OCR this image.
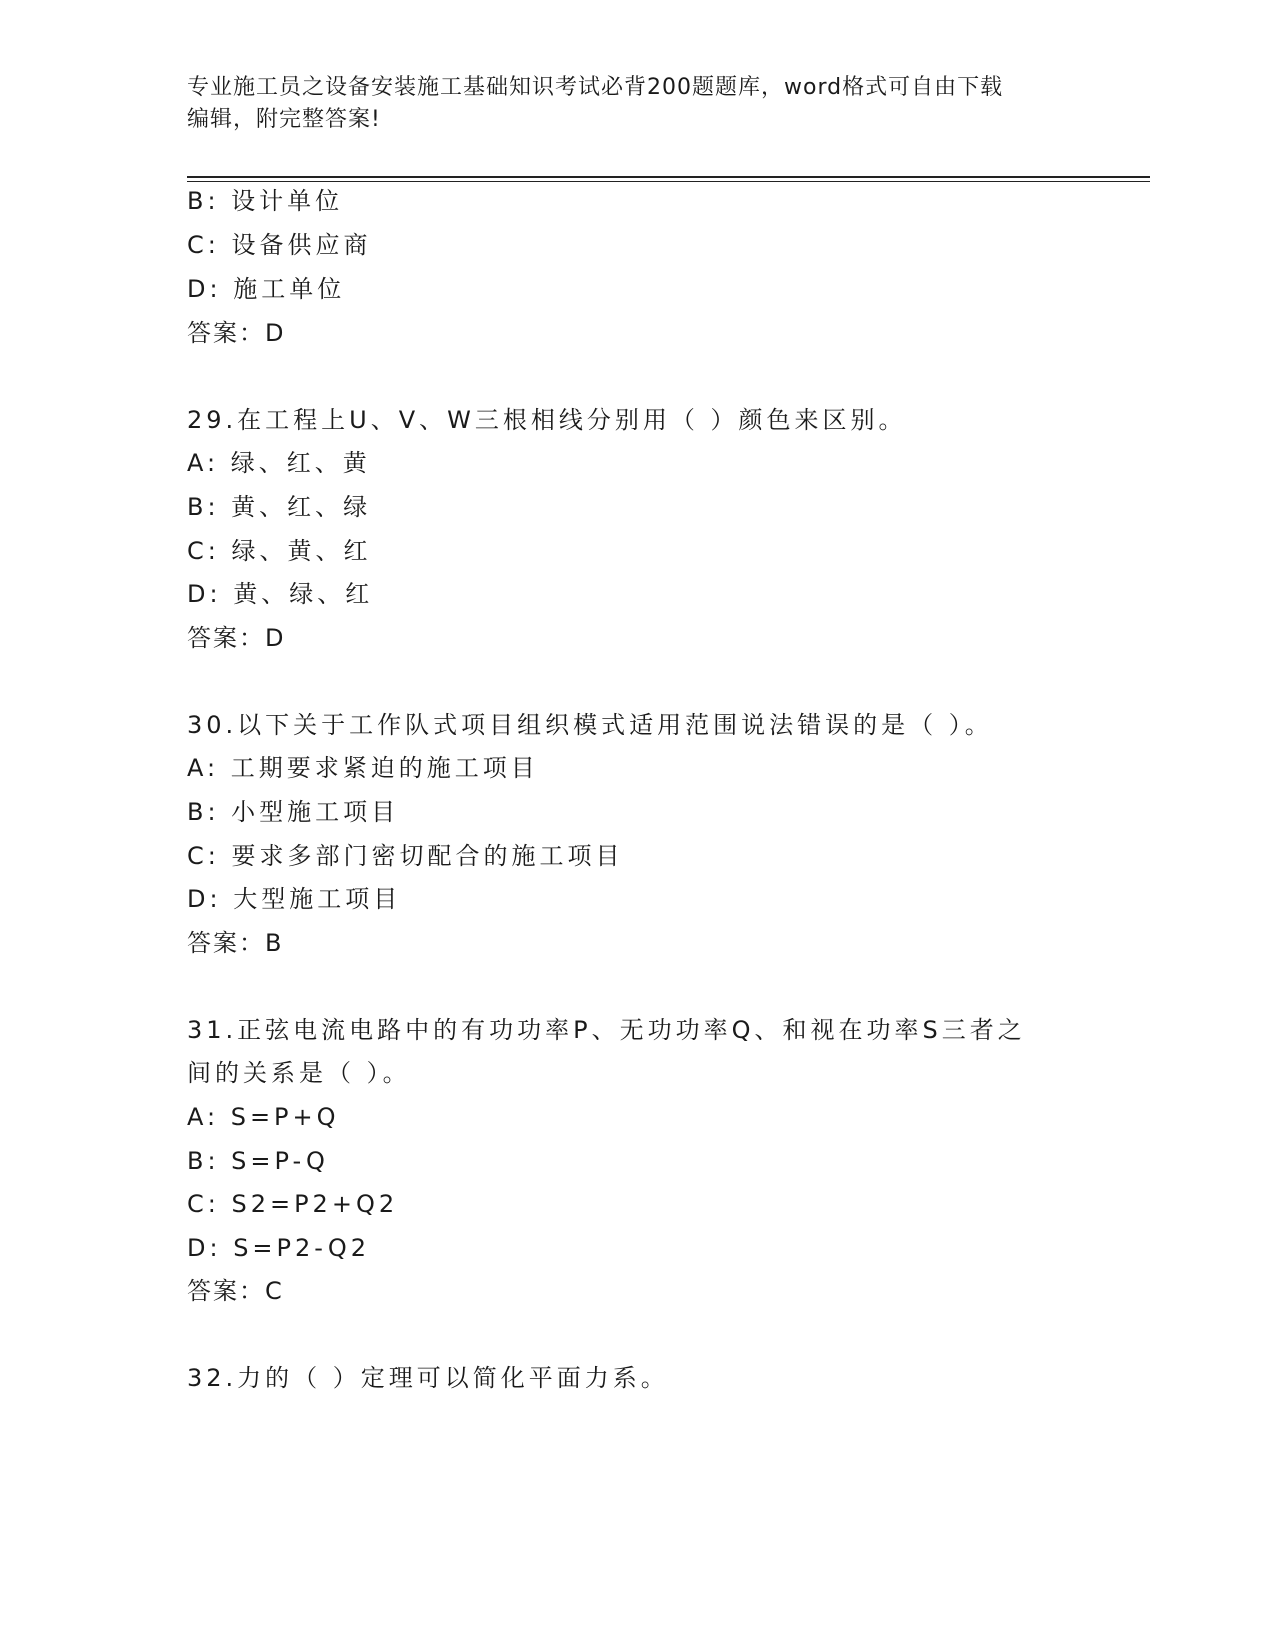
专业施工员之设备安装施工基础知识考试必背200题题库，word格式可自由下载
编辑，附完整答案!
B: 设计单位
C: 设备供应商
D: 施工单位
答案：D
29.在工程上U、V、W三根相线分别用（ ）颜色来区别。
A: 绿、红、黄
B: 黄、红、绿
C: 绿、黄、红
D: 黄、绿、红
答案：D
30.以下关于工作队式项目组织模式适用范围说法错误的是（ ）。
A: 工期要求紧迫的施工项目
B: 小型施工项目
C: 要求多部门密切配合的施工项目
D: 大型施工项目
答案：B
31.正弦电流电路中的有功功率P、无功功率Q、和视在功率S三者之
间的关系是（ ）。
A: S=P+Q
B: S=P-Q
C: S2=P2+Q2
D: S=P2-Q2
答案：C
32.力的（ ）定理可以简化平面力系。
